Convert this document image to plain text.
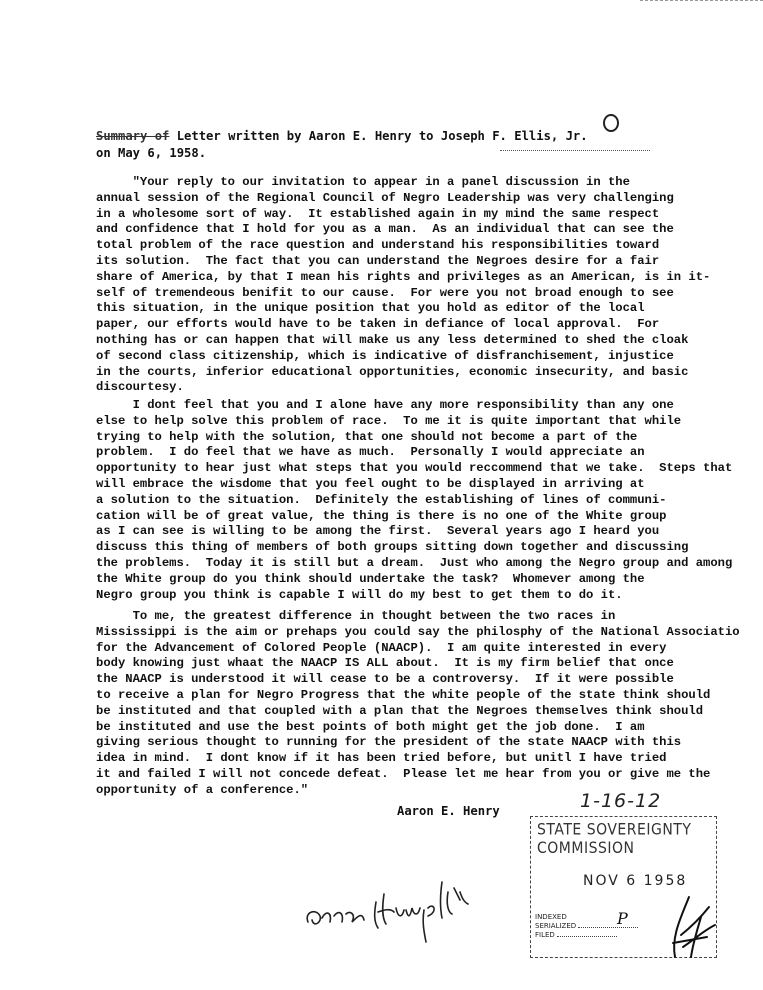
Summary of Letter written by Aaron E. Henry to Joseph F. Ellis, Jr.
on May 6, 1958.
"Your reply to our invitation to appear in a panel discussion in the
annual session of the Regional Council of Negro Leadership was very challenging
in a wholesome sort of way.  It established again in my mind the same respect
and confidence that I hold for you as a man.  As an individual that can see the
total problem of the race question and understand his responsibilities toward
its solution.  The fact that you can understand the Negroes desire for a fair
share of America, by that I mean his rights and privileges as an American, is in it-
self of tremendeous benifit to our cause.  For were you not broad enough to see
this situation, in the unique position that you hold as editor of the local
paper, our efforts would have to be taken in defiance of local approval.  For
nothing has or can happen that will make us any less determined to shed the cloak
of second class citizenship, which is indicative of disfranchisement, injustice
in the courts, inferior educational opportunities, economic insecurity, and basic
discourtesy.
I dont feel that you and I alone have any more responsibility than any one
else to help solve this problem of race.  To me it is quite important that while
trying to help with the solution, that one should not become a part of the
problem.  I do feel that we have as much.  Personally I would appreciate an
opportunity to hear just what steps that you would reccommend that we take.  Steps that
will embrace the wisdome that you feel ought to be displayed in arriving at
a solution to the situation.  Definitely the establishing of lines of communi-
cation will be of great value, the thing is there is no one of the White group
as I can see is willing to be among the first.  Several years ago I heard you
discuss this thing of members of both groups sitting down together and discussing
the problems.  Today it is still but a dream.  Just who among the Negro group and among
the White group do you think should undertake the task?  Whomever among the
Negro group you think is capable I will do my best to get them to do it.
To me, the greatest difference in thought between the two races in
Mississippi is the aim or prehaps you could say the philosphy of the National Associatio
for the Advancement of Colored People (NAACP).  I am quite interested in every
body knowing just whaat the NAACP IS ALL about.  It is my firm belief that once
the NAACP is understood it will cease to be a controversy.  If it were possible
to receive a plan for Negro Progress that the white people of the state think should
be instituted and that coupled with a plan that the Negroes themselves think should
be instituted and use the best points of both might get the job done.  I am
giving serious thought to running for the president of the state NAACP with this
idea in mind.  I dont know if it has been tried before, but unitl I have tried
it and failed I will not concede defeat.  Please let me hear from you or give me the
opportunity of a conference."
Aaron E. Henry	1-16-12
STATE SOVEREIGNTY COMMISSION
NOV 6 1958
INDEXED
SERIALIZED
FILED
P
